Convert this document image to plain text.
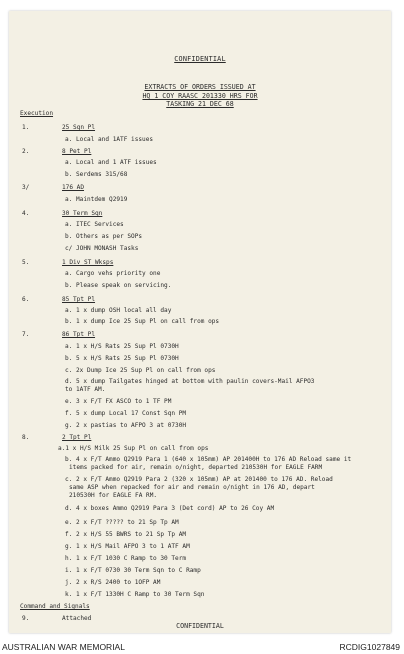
CONFIDENTIAL
EXTRACTS OF ORDERS ISSUED AT
HQ 1 COY RAASC 201330 HRS FOR
TASKING 21 DEC 68
Execution
1.	25 Sqn Pl
a. Local and 1ATF issues
2.	8 Pet Pl
a. Local and 1 ATF issues
b. Serdems 315/68
3/	176 AD
a. Maintdem Q2919
4.	30 Term Sqn
a. ITEC Services
b. Others as per SOPs
c/ JOHN MONASH Tasks
5.	1 Div ST Wksps
a. Cargo vehs priority one
b. Please speak on servicing.
6.	85 Tpt Pl
a. 1 x dump OSH local all day
b. 1 x dump Ice 25 Sup Pl on call from ops
7.	86 Tpt Pl
a. 1 x H/S Rats 25 Sup Pl 0730H
b. 5 x H/S Rats 25 Sup Pl 0730H
c. 2x Dump Ice 25 Sup Pl on call from ops
d. 5 x dump Tailgates hinged at bottom with paulin covers-Mail AFPO3
to 1ATF AM.
e. 3 x F/T FX ASCO to 1 TF PM
f. 5 x dump Local 17 Const Sqn PM
g. 2 x pastias to AFPO 3 at 0730H
8.	2 Tpt Pl
a.1 x H/S Milk 25 Sup Pl on call from ops
b. 4 x F/T Ammo Q2919 Para 1 (640 x 105mm) AP 201400H to 176 AD Reload same it
items packed for air, remain o/night, departed 210530H for EAGLE FARM
c. 2 x F/T Ammo Q2919 Para 2 (320 x 105mm) AP at 201400 to 176 AD. Reload
same ASP when repacked for air and remain o/night in 176 AD, depart
210530H for EAGLE FA RM.
d. 4 x boxes Ammo Q2919 Para 3 (Det cord) AP to 26 Coy AM
e. 2 x F/T ????? to 21 Sp Tp AM
f. 2 x H/S 55 BWRS to 21 Sp Tp AM
g. 1 x H/S Mail AFPO 3 to 1 ATF AM
h. 1 x F/T 1030 C Ramp to 30 Term
i. 1 x F/T 0730 30 Term Sqn to C Ramp
j. 2 x R/S 2400 to 1OFP AM
k. 1 x F/T 1330H C Ramp to 30 Term Sqn
Command and Signals
9.	Attached
CONFIDENTIAL
AUSTRALIAN WAR MEMORIAL	RCDIG1027849
